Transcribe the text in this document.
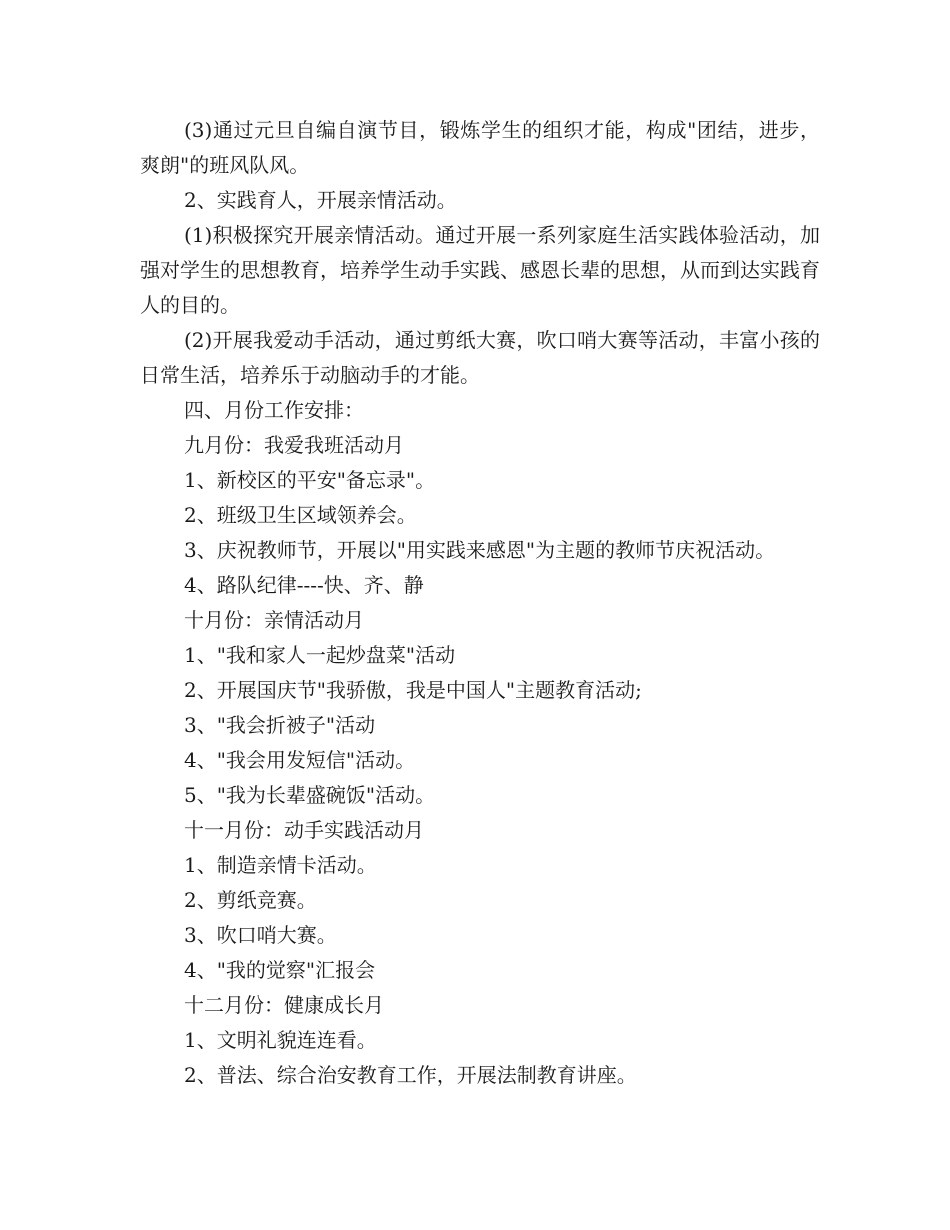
(3)通过元旦自编自演节目，锻炼学生的组织才能，构成"团结，进步，爽朗"的班风队风。

2、实践育人，开展亲情活动。

(1)积极探究开展亲情活动。通过开展一系列家庭生活实践体验活动，加强对学生的思想教育，培养学生动手实践、感恩长辈的思想，从而到达实践育人的目的。

(2)开展我爱动手活动，通过剪纸大赛，吹口哨大赛等活动，丰富小孩的日常生活，培养乐于动脑动手的才能。

四、月份工作安排：

九月份：我爱我班活动月

1、新校区的平安"备忘录"。

2、班级卫生区域领养会。

3、庆祝教师节，开展以"用实践来感恩"为主题的教师节庆祝活动。

4、路队纪律----快、齐、静

十月份：亲情活动月

1、"我和家人一起炒盘菜"活动

2、开展国庆节"我骄傲，我是中国人"主题教育活动;

3、"我会折被子"活动

4、"我会用发短信"活动。

5、"我为长辈盛碗饭"活动。

十一月份：动手实践活动月

1、制造亲情卡活动。

2、剪纸竞赛。

3、吹口哨大赛。

4、"我的觉察"汇报会

十二月份：健康成长月

1、文明礼貌连连看。

2、普法、综合治安教育工作，开展法制教育讲座。
